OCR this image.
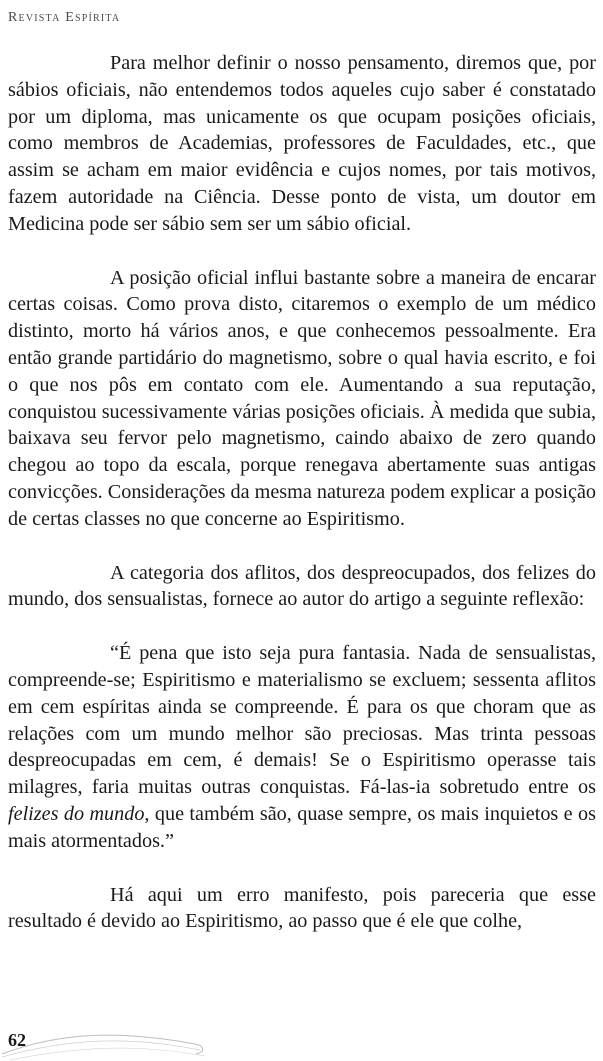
Revista Espírita

Para melhor definir o nosso pensamento, diremos que, por sábios oficiais, não entendemos todos aqueles cujo saber é constatado por um diploma, mas unicamente os que ocupam posições oficiais, como membros de Academias, professores de Faculdades, etc., que assim se acham em maior evidência e cujos nomes, por tais motivos, fazem autoridade na Ciência. Desse ponto de vista, um doutor em Medicina pode ser sábio sem ser um sábio oficial.

A posição oficial influi bastante sobre a maneira de encarar certas coisas. Como prova disto, citaremos o exemplo de um médico distinto, morto há vários anos, e que conhecemos pessoalmente. Era então grande partidário do magnetismo, sobre o qual havia escrito, e foi o que nos pôs em contato com ele. Aumentando a sua reputação, conquistou sucessivamente várias posições oficiais. À medida que subia, baixava seu fervor pelo magnetismo, caindo abaixo de zero quando chegou ao topo da escala, porque renegava abertamente suas antigas convicções. Considerações da mesma natureza podem explicar a posição de certas classes no que concerne ao Espiritismo.

A categoria dos aflitos, dos despreocupados, dos felizes do mundo, dos sensualistas, fornece ao autor do artigo a seguinte reflexão:

“É pena que isto seja pura fantasia. Nada de sensualistas, compreende-se; Espiritismo e materialismo se excluem; sessenta aflitos em cem espíritas ainda se compreende. É para os que choram que as relações com um mundo melhor são preciosas. Mas trinta pessoas despreocupadas em cem, é demais! Se o Espiritismo operasse tais milagres, faria muitas outras conquistas. Fá-las-ia sobretudo entre os felizes do mundo, que também são, quase sempre, os mais inquietos e os mais atormentados.”

Há aqui um erro manifesto, pois pareceria que esse resultado é devido ao Espiritismo, ao passo que é ele que colhe,

62
